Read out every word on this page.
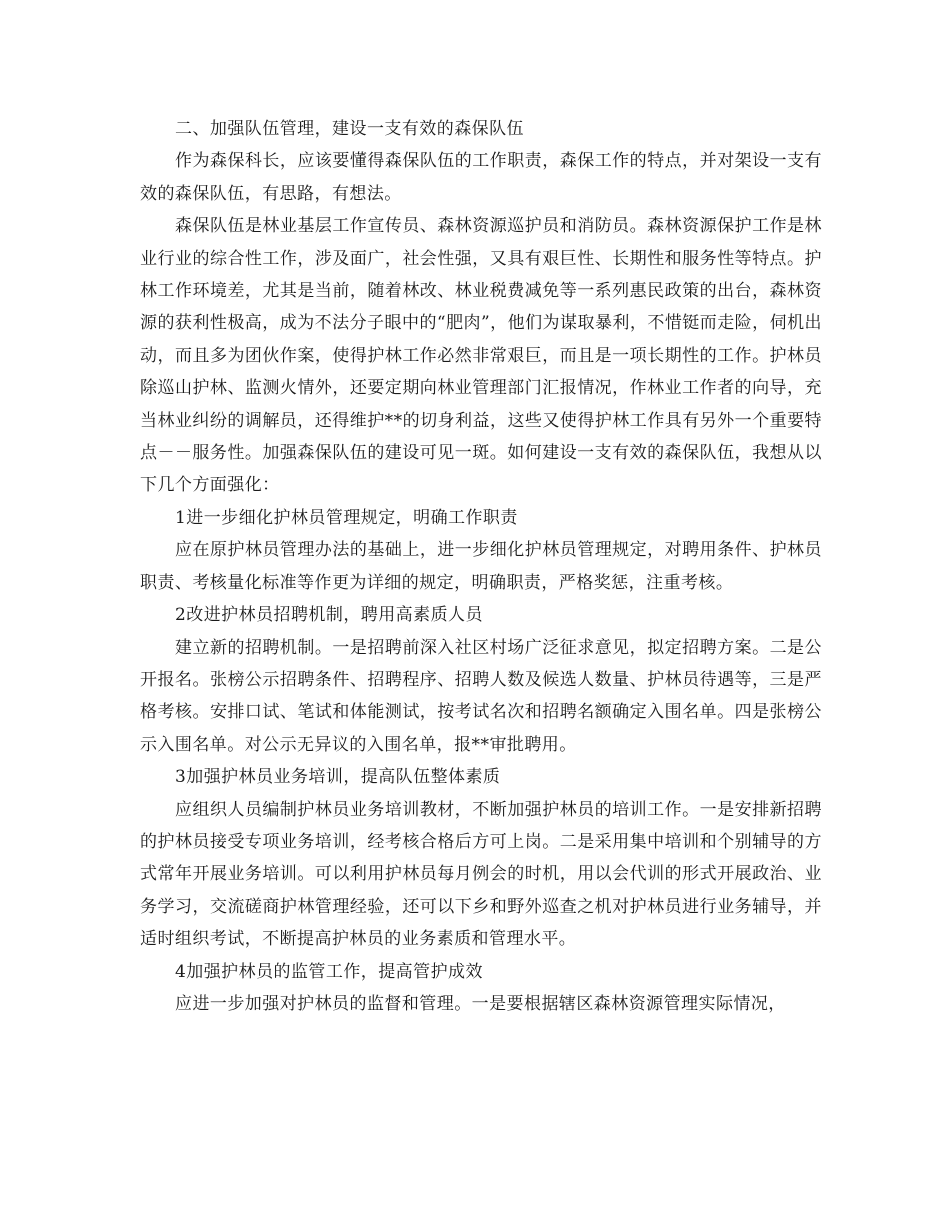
二、加强队伍管理，建设一支有效的森保队伍

作为森保科长，应该要懂得森保队伍的工作职责，森保工作的特点，并对架设一支有效的森保队伍，有思路，有想法。

森保队伍是林业基层工作宣传员、森林资源巡护员和消防员。森林资源保护工作是林业行业的综合性工作，涉及面广，社会性强，又具有艰巨性、长期性和服务性等特点。护林工作环境差，尤其是当前，随着林改、林业税费减免等一系列惠民政策的出台，森林资源的获利性极高，成为不法分子眼中的“肥肉”，他们为谋取暴利，不惜铤而走险，伺机出动，而且多为团伙作案，使得护林工作必然非常艰巨，而且是一项长期性的工作。护林员除巡山护林、监测火情外，还要定期向林业管理部门汇报情况，作林业工作者的向导，充当林业纠纷的调解员，还得维护**的切身利益，这些又使得护林工作具有另外一个重要特点－－服务性。加强森保队伍的建设可见一斑。如何建设一支有效的森保队伍，我想从以下几个方面强化：

1进一步细化护林员管理规定，明确工作职责

应在原护林员管理办法的基础上，进一步细化护林员管理规定，对聘用条件、护林员职责、考核量化标准等作更为详细的规定，明确职责，严格奖惩，注重考核。

2改进护林员招聘机制，聘用高素质人员

建立新的招聘机制。一是招聘前深入社区村场广泛征求意见，拟定招聘方案。二是公开报名。张榜公示招聘条件、招聘程序、招聘人数及候选人数量、护林员待遇等，三是严格考核。安排口试、笔试和体能测试，按考试名次和招聘名额确定入围名单。四是张榜公示入围名单。对公示无异议的入围名单，报**审批聘用。

3加强护林员业务培训，提高队伍整体素质

应组织人员编制护林员业务培训教材，不断加强护林员的培训工作。一是安排新招聘的护林员接受专项业务培训，经考核合格后方可上岗。二是采用集中培训和个别辅导的方式常年开展业务培训。可以利用护林员每月例会的时机，用以会代训的形式开展政治、业务学习，交流磋商护林管理经验，还可以下乡和野外巡查之机对护林员进行业务辅导，并适时组织考试，不断提高护林员的业务素质和管理水平。

4加强护林员的监管工作，提高管护成效

应进一步加强对护林员的监督和管理。一是要根据辖区森林资源管理实际情况，
